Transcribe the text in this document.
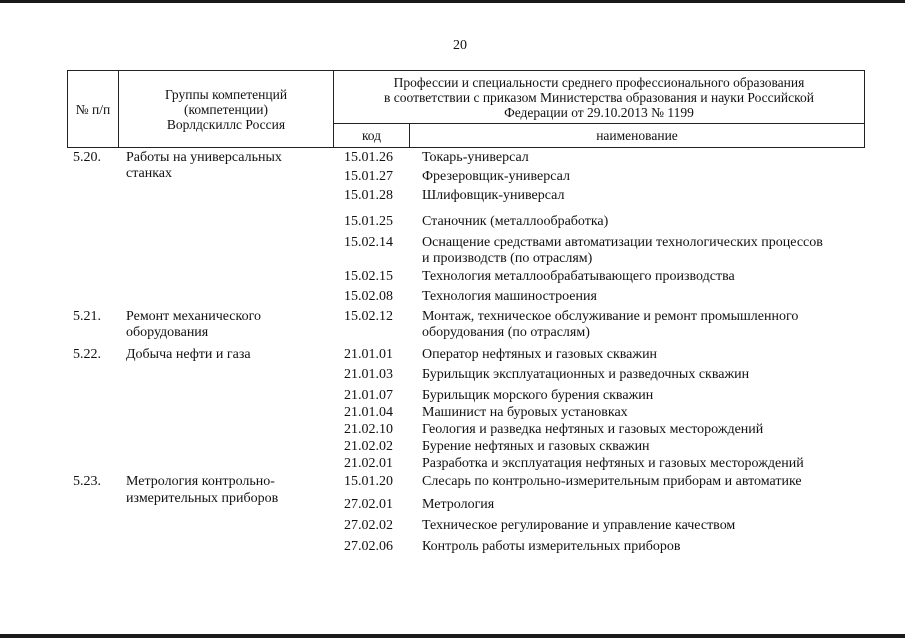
20
№ п/п
Группы компетенций
(компетенции)
Ворлдскиллс Россия
Профессии и специальности среднего профессионального образования
в соответствии с приказом Министерства образования и науки Российской
Федерации от 29.10.2013 № 1199
код	наименование
5.20. Работы на универсальных
станках
15.01.26 Токарь-универсал
15.01.27 Фрезеровщик-универсал
15.01.28 Шлифовщик-универсал
15.01.25 Станочник (металлообработка)
15.02.14 Оснащение средствами автоматизации технологических процессов
и производств (по отраслям)
15.02.15 Технология металлообрабатывающего производства
15.02.08 Технология машиностроения
5.21. Ремонт механического
оборудования
15.02.12 Монтаж, техническое обслуживание и ремонт промышленного
оборудования (по отраслям)
5.22. Добыча нефти и газа	21.01.01 Оператор нефтяных и газовых скважин
21.01.03 Бурильщик эксплуатационных и разведочных скважин
21.01.07 Бурильщик морского бурения скважин
21.01.04 Машинист на буровых установках
21.02.10 Геология и разведка нефтяных и газовых месторождений
21.02.02 Бурение нефтяных и газовых скважин
21.02.01 Разработка и эксплуатация нефтяных и газовых месторождений
5.23. Метрология контрольно-
измерительных приборов
15.01.20 Слесарь по контрольно-измерительным приборам и автоматике
27.02.01 Метрология
27.02.02 Техническое регулирование и управление качеством
27.02.06 Контроль работы измерительных приборов
